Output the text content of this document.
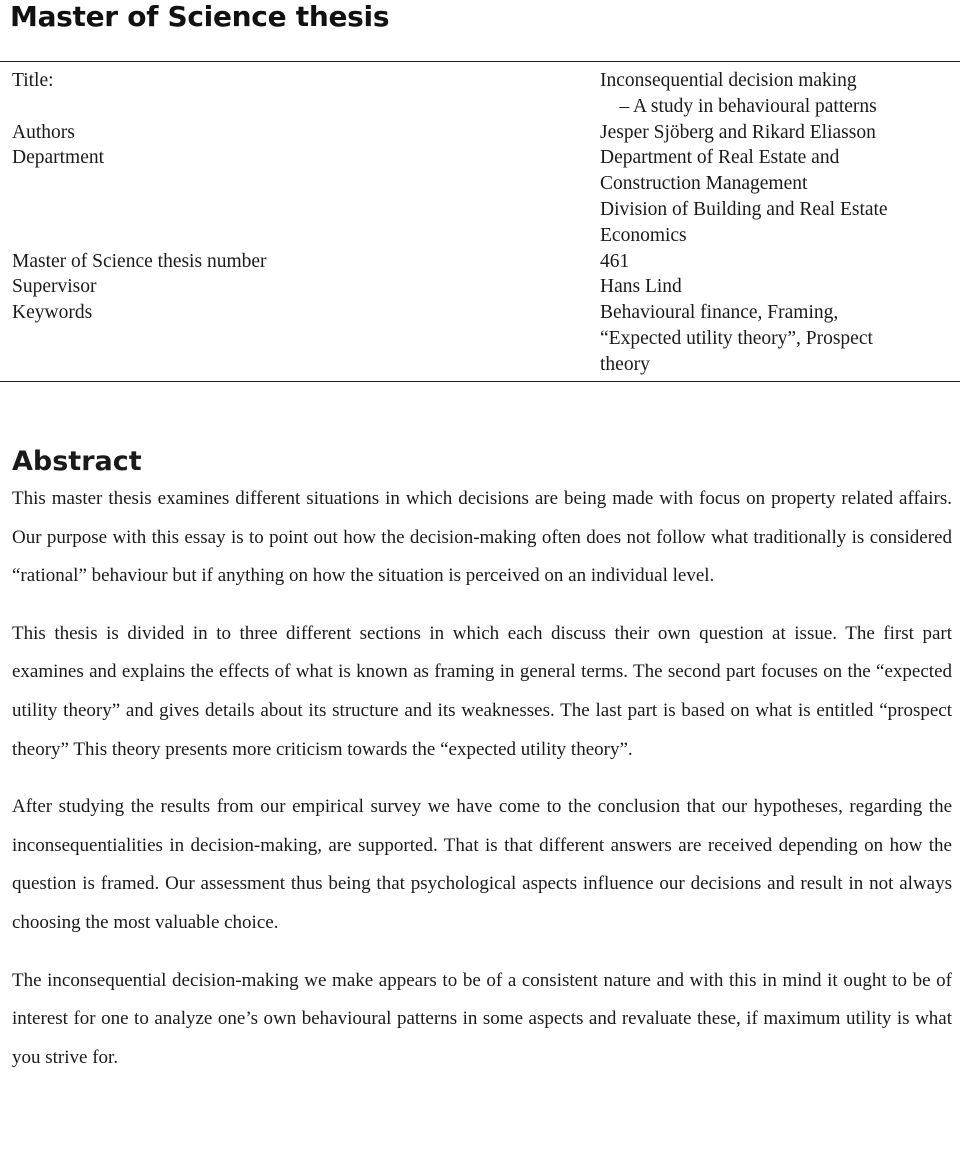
Master of Science thesis
Title:	Inconsequential decision making
 – A study in behavioural patterns
Authors	Jesper Sjöberg and Rikard Eliasson
Department	Department of Real Estate and
Construction Management
Division of Building and Real Estate
Economics
Master of Science thesis number	461
Supervisor	Hans Lind
Keywords	Behavioural finance, Framing,
“Expected utility theory”, Prospect
theory
Abstract

This master thesis examines different situations in which decisions are being made with focus on property related affairs. Our purpose with this essay is to point out how the decision-making often does not follow what traditionally is considered “rational” behaviour but if anything on how the situation is perceived on an individual level.

This thesis is divided in to three different sections in which each discuss their own question at issue. The first part examines and explains the effects of what is known as framing in general terms. The second part focuses on the “expected utility theory” and gives details about its structure and its weaknesses. The last part is based on what is entitled “prospect theory” This theory presents more criticism towards the “expected utility theory”.

After studying the results from our empirical survey we have come to the conclusion that our hypotheses, regarding the inconsequentialities in decision-making, are supported. That is that different answers are received depending on how the question is framed. Our assessment thus being that psychological aspects influence our decisions and result in not always choosing the most valuable choice.

The inconsequential decision-making we make appears to be of a consistent nature and with this in mind it ought to be of interest for one to analyze one’s own behavioural patterns in some aspects and revaluate these, if maximum utility is what you strive for.
